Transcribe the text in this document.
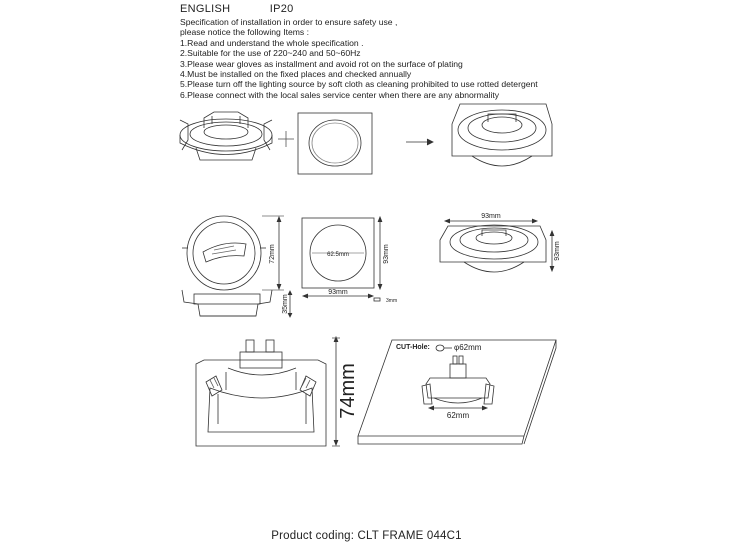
ENGLISH	IP20
Specification of installation in order to ensure safety use ,
please notice the following Items :
1.Read and understand the whole specification .
2.Suitable for the use of 220~240 and 50~60Hz
3.Please wear gloves as installment and avoid rot on the surface of plating
4.Must be installed on the fixed places and checked annually
5.Please turn off the lighting source by soft cloth as cleaning prohibited to use rotted detergent
6.Please connect with the local sales service center when there are any abnormality
72mm
93mm
93mm
35mm
62.5mm
3mm
93mm
93mm
74mm
CUT-Hole:	φ62mm
62mm
Product coding: CLT FRAME 044C1
